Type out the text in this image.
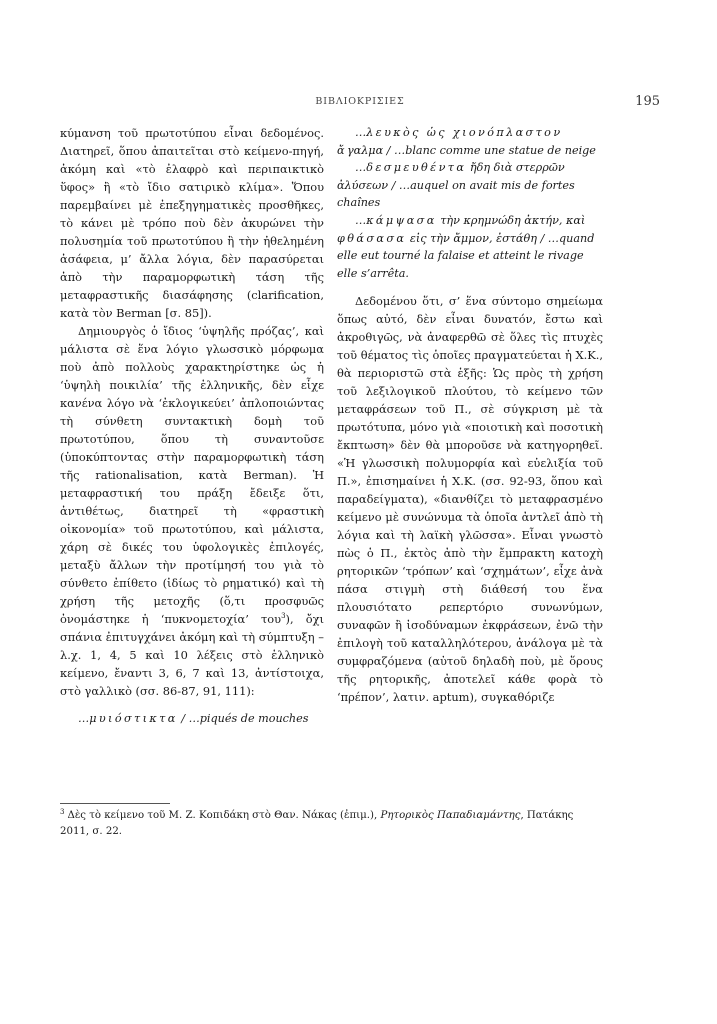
ΒΙΒΛΙΟΚΡΙΣΙΕΣ	195

κύμανση τοῦ πρωτοτύπου εἶναι δεδομένος. Διατηρεῖ, ὅπου ἀπαιτεῖται στὸ κείμενο-πηγή, ἀκόμη καὶ «τὸ ἐλαφρὸ καὶ περιπαικτικὸ ὕφος» ἢ «τὸ ἴδιο σατιρικὸ κλίμα». Ὅπου παρεμβαίνει μὲ ἐπεξηγηματικὲς προσθῆκες, τὸ κάνει μὲ τρόπο ποὺ δὲν ἀκυρώνει τὴν πολυσημία τοῦ πρωτοτύπου ἢ τὴν ἠθελημένη ἀσάφεια, μ’ ἄλλα λόγια, δὲν παρασύρεται ἀπὸ τὴν παραμορφωτικὴ τάση τῆς μεταφραστικῆς διασάφησης (clarification, κατὰ τὸν Berman [σ. 85]).

Δημιουργὸς ὁ ἴδιος ‘ὑψηλῆς πρόζας’, καὶ μάλιστα σὲ ἕνα λόγιο γλωσσικὸ μόρφωμα ποὺ ἀπὸ πολλοὺς χαρακτηρίστηκε ὡς ἡ ‘ὑψηλὴ ποικιλία’ τῆς ἑλληνικῆς, δὲν εἶχε κανένα λόγο νὰ ‘ἐκλογικεύει’ ἀπλοποιώντας τὴ σύνθετη συντακτικὴ δομὴ τοῦ πρωτοτύπου, ὅπου τὴ συναντοῦσε (ὑποκύπτοντας στὴν παραμορφωτικὴ τάση τῆς rationalisation, κατὰ Berman). Ἡ μεταφραστική του πράξη ἔδειξε ὅτι, ἀντιθέτως, διατηρεῖ τὴ «φραστικὴ οἰκονομία» τοῦ πρωτοτύπου, καὶ μάλιστα, χάρη σὲ δικές του ὑφολογικὲς ἐπιλογές, μεταξὺ ἄλλων τὴν προτίμησή του γιὰ τὸ σύνθετο ἐπίθετο (ἰδίως τὸ ρηματικό) καὶ τὴ χρήση τῆς μετοχῆς (ὅ,τι προσφυῶς ὀνομάστηκε ἡ ‘πυκνομετοχία’ του$^3$), ὄχι σπάνια ἐπιτυγχάνει ἀκόμη καὶ τὴ σύμπτυξη – λ.χ. 1, 4, 5 καὶ 10 λέξεις στὸ ἑλληνικὸ κείμενο, ἔναντι 3, 6, 7 καὶ 13, ἀντίστοιχα, στὸ γαλλικὸ (σσ. 86-87, 91, 111):

…μυιόστικτα / …piqués de mouches

…λευκὸς ὡς χιονόπλαστον ἄγαλμα / …blanc comme une statue de neige

…δεσμευθέντα ἤδη διὰ στερρῶν ἀλύσεων / …auquel on avait mis de fortes chaînes

…κάμψασα τὴν κρημνώδη ἀκτήν, καὶ φθάσασα εἰς τὴν ἄμμον, ἐστάθη / …quand elle eut tourné la falaise et atteint le rivage elle s’arrêta.

Δεδομένου ὅτι, σ’ ἕνα σύντομο σημείωμα ὅπως αὐτό, δὲν εἶναι δυνατόν, ἔστω καὶ ἀκροθιγῶς, νὰ ἀναφερθῶ σὲ ὅλες τὶς πτυχὲς τοῦ θέματος τὶς ὁποῖες πραγματεύεται ἡ Χ.Κ., θὰ περιοριστῶ στὰ ἑξῆς: Ὡς πρὸς τὴ χρήση τοῦ λεξιλογικοῦ πλούτου, τὸ κείμενο τῶν μεταφράσεων τοῦ Π., σὲ σύγκριση μὲ τὰ πρωτότυπα, μόνο γιὰ «ποιοτικὴ καὶ ποσοτικὴ ἔκπτωση» δὲν θὰ μποροῦσε νὰ κατηγορηθεῖ. «Ἡ γλωσσικὴ πολυμορφία καὶ εὐελιξία τοῦ Π.», ἐπισημαίνει ἡ Χ.Κ. (σσ. 92-93, ὅπου καὶ παραδείγματα), «διανθίζει τὸ μεταφρασμένο κείμενο μὲ συνώνυμα τὰ ὁποῖα ἀντλεῖ ἀπὸ τὴ λόγια καὶ τὴ λαϊκὴ γλῶσσα». Εἶναι γνωστὸ πὼς ὁ Π., ἐκτὸς ἀπὸ τὴν ἔμπρακτη κατοχὴ ρητορικῶν ‘τρόπων’ καὶ ‘σχημάτων’, εἶχε ἀνὰ πάσα στιγμὴ στὴ διάθεσή του ἕνα πλουσιότατο ρεπερτόριο συνωνύμων, συναφῶν ἢ ἰσοδύναμων ἐκφράσεων, ἐνῶ τὴν ἐπιλογὴ τοῦ καταλληλότερου, ἀνάλογα μὲ τὰ συμφραζόμενα (αὐτοῦ δηλαδὴ ποὺ, μὲ ὅρους τῆς ρητορικῆς, ἀποτελεῖ κάθε φορὰ τὸ ‘πρέπον’, λατιν. aptum), συγκαθόριζε

$^3$ Δὲς τὸ κείμενο τοῦ Μ. Ζ. Κοπιδάκη στὸ Θαν. Νάκας (ἐπιμ.), Ρητορικὸς Παπαδιαμάντης, Πατάκης 2011, σ. 22.
